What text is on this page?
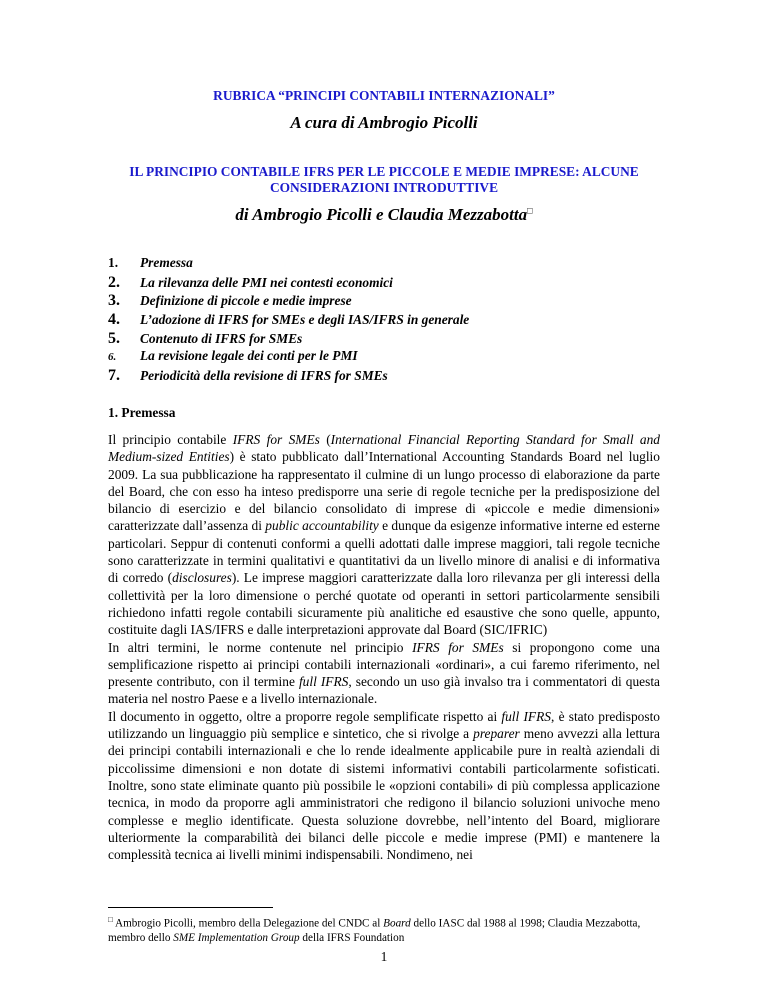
RUBRICA “PRINCIPI CONTABILI INTERNAZIONALI”
A cura di Ambrogio Picolli
IL PRINCIPIO CONTABILE IFRS PER LE PICCOLE E MEDIE IMPRESE: ALCUNE
CONSIDERAZIONI INTRODUTTIVE
di Ambrogio Picolli e Claudia Mezzabotta□
1.	Premessa
2.	La rilevanza delle PMI nei contesti economici
3.	Definizione di piccole e medie imprese
4.	L’adozione di IFRS for SMEs e degli IAS/IFRS in generale
5.	Contenuto di IFRS for SMEs
6.	La revisione legale dei conti per le PMI
7.	Periodicità della revisione di IFRS for SMEs
1. Premessa

Il principio contabile IFRS for SMEs (International Financial Reporting Standard for Small and Medium-sized Entities) è stato pubblicato dall’International Accounting Standards Board nel luglio 2009. La sua pubblicazione ha rappresentato il culmine di un lungo processo di elaborazione da parte del Board, che con esso ha inteso predisporre una serie di regole tecniche per la predisposizione del bilancio di esercizio e del bilancio consolidato di imprese di «piccole e medie dimensioni» caratterizzate dall’assenza di public accountability e dunque da esigenze informative interne ed esterne particolari. Seppur di contenuti conformi a quelli adottati dalle imprese maggiori, tali regole tecniche sono caratterizzate in termini qualitativi e quantitativi da un livello minore di analisi e di informativa di corredo (disclosures). Le imprese maggiori caratterizzate dalla loro rilevanza per gli interessi della collettività per la loro dimensione o perché quotate od operanti in settori particolarmente sensibili richiedono infatti regole contabili sicuramente più analitiche ed esaustive che sono quelle, appunto, costituite dagli IAS/IFRS e dalle interpretazioni approvate dal Board (SIC/IFRIC)

In altri termini, le norme contenute nel principio IFRS for SMEs si propongono come una semplificazione rispetto ai principi contabili internazionali «ordinari», a cui faremo riferimento, nel presente contributo, con il termine full IFRS, secondo un uso già invalso tra i commentatori di questa materia nel nostro Paese e a livello internazionale.

Il documento in oggetto, oltre a proporre regole semplificate rispetto ai full IFRS, è stato predisposto utilizzando un linguaggio più semplice e sintetico, che si rivolge a preparer meno avvezzi alla lettura dei principi contabili internazionali e che lo rende idealmente applicabile pure in realtà aziendali di piccolissime dimensioni e non dotate di sistemi informativi contabili particolarmente sofisticati. Inoltre, sono state eliminate quanto più possibile le «opzioni contabili» di più complessa applicazione tecnica, in modo da proporre agli amministratori che redigono il bilancio soluzioni univoche meno complesse e meglio identificate. Questa soluzione dovrebbe, nell’intento del Board, migliorare ulteriormente la comparabilità dei bilanci delle piccole e medie imprese (PMI) e mantenere la complessità tecnica ai livelli minimi indispensabili. Nondimeno, nei

□ Ambrogio Picolli, membro della Delegazione del CNDC al Board dello IASC dal 1988 al 1998; Claudia Mezzabotta, membro dello SME Implementation Group della IFRS Foundation
1
